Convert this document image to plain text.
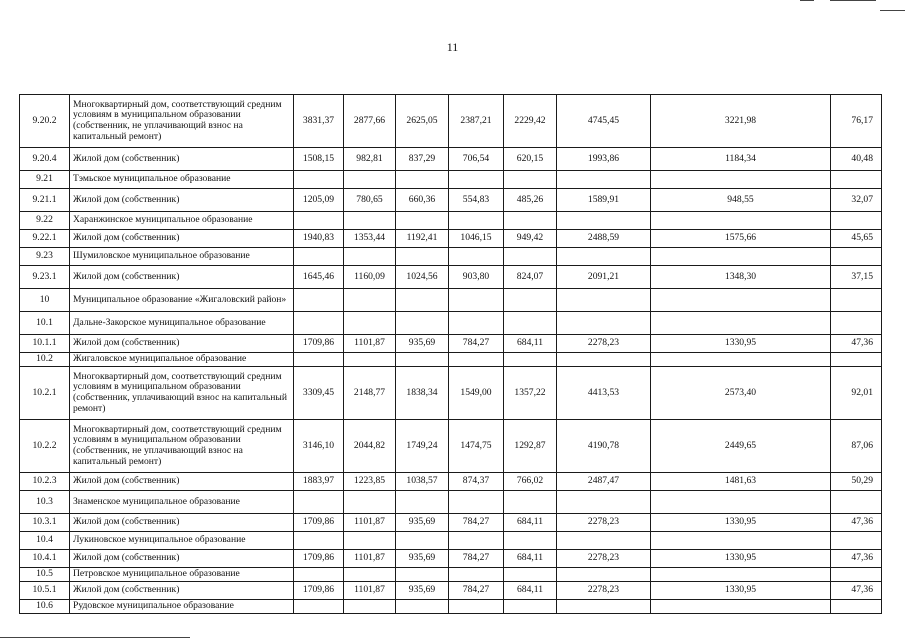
11
9.20.2	Многоквартирный дом, соответствующий средним условиям в муниципальном образовании (собственник, не уплачивающий взнос на капитальный ремонт)	3831,37	2877,66	2625,05	2387,21	2229,42	4745,45	3221,98	76,17
9.20.4	Жилой дом (собственник)	1508,15	982,81	837,29	706,54	620,15	1993,86	1184,34	40,48
9.21	Тэмьское муниципальное образование								
9.21.1	Жилой дом (собственник)	1205,09	780,65	660,36	554,83	485,26	1589,91	948,55	32,07
9.22	Харанжинское муниципальное образование								
9.22.1	Жилой дом (собственник)	1940,83	1353,44	1192,41	1046,15	949,42	2488,59	1575,66	45,65
9.23	Шумиловское муниципальное образование								
9.23.1	Жилой дом (собственник)	1645,46	1160,09	1024,56	903,80	824,07	2091,21	1348,30	37,15
10	Муниципальное образование «Жигаловский район»								
10.1	Дальне-Закорское муниципальное образование								
10.1.1	Жилой дом (собственник)	1709,86	1101,87	935,69	784,27	684,11	2278,23	1330,95	47,36
10.2	Жигаловское муниципальное образование								
10.2.1	Многоквартирный дом, соответствующий средним условиям в муниципальном образовании (собственник, уплачивающий взнос на капитальный ремонт)	3309,45	2148,77	1838,34	1549,00	1357,22	4413,53	2573,40	92,01
10.2.2	Многоквартирный дом, соответствующий средним условиям в муниципальном образовании (собственник, не уплачивающий взнос на капитальный ремонт)	3146,10	2044,82	1749,24	1474,75	1292,87	4190,78	2449,65	87,06
10.2.3	Жилой дом (собственник)	1883,97	1223,85	1038,57	874,37	766,02	2487,47	1481,63	50,29
10.3	Знаменское муниципальное образование								
10.3.1	Жилой дом (собственник)	1709,86	1101,87	935,69	784,27	684,11	2278,23	1330,95	47,36
10.4	Лукиновское муниципальное образование								
10.4.1	Жилой дом (собственник)	1709,86	1101,87	935,69	784,27	684,11	2278,23	1330,95	47,36
10.5	Петровское муниципальное образование								
10.5.1	Жилой дом (собственник)	1709,86	1101,87	935,69	784,27	684,11	2278,23	1330,95	47,36
10.6	Рудовское муниципальное образование								
